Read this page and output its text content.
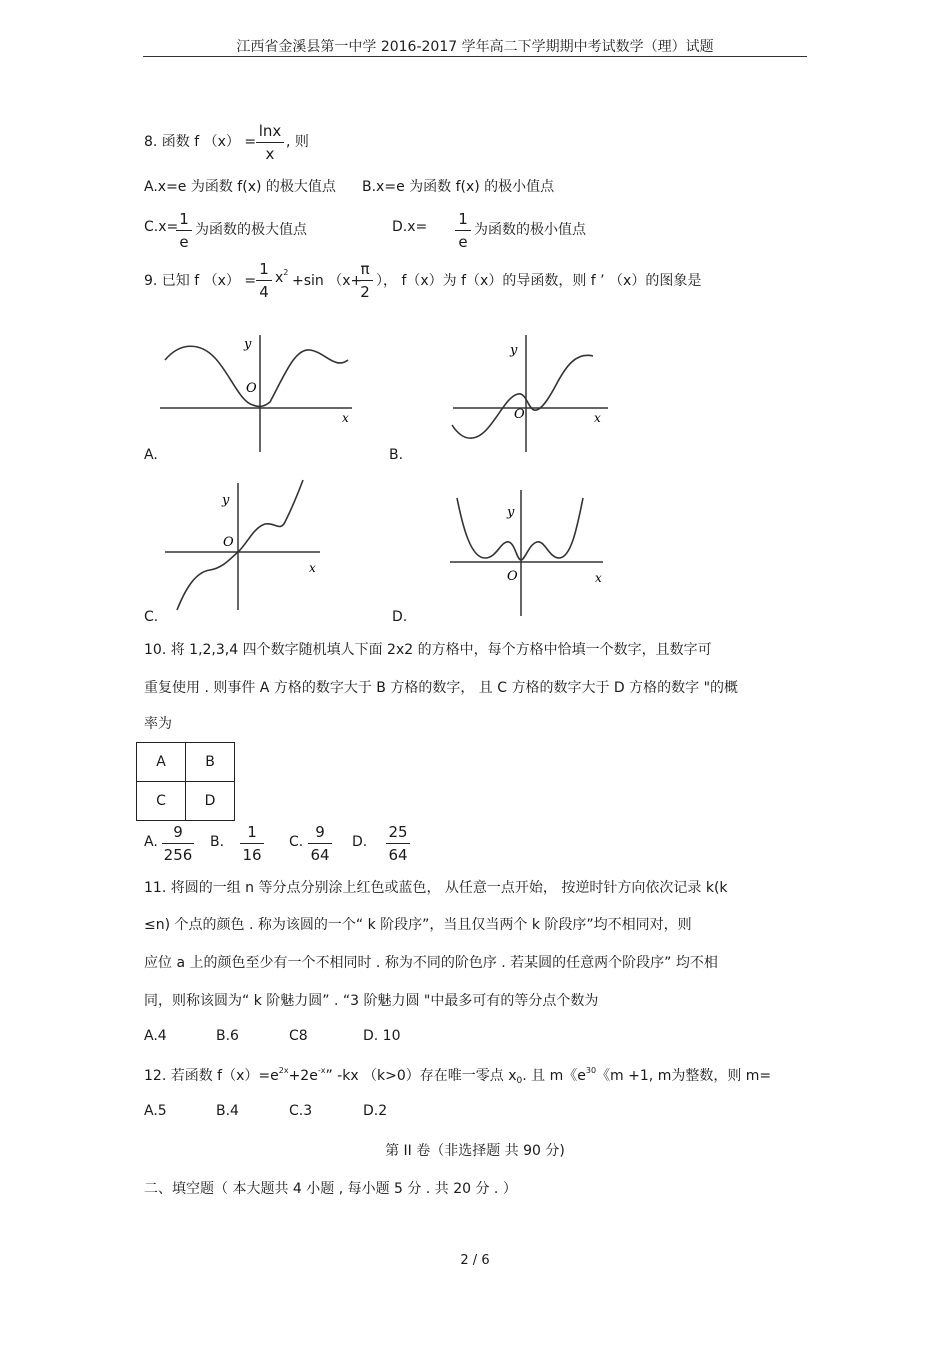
江西省金溪县第一中学 2016-2017 学年高二下学期期中考试数学（理）试题
8. 函数 f （x） =
lnx
x
, 则
A.x=e 为函数 f(x) 的极大值点 B.x=e 为函数 f(x) 的极小值点
C.x= 1
e
为函数的极大值点	D.x= 1
e
为函数的极小值点
9. 已知 f （x） =
1
4
$x^2$
+sin （x+
π
2
）， f（x）为 f（x）的导函数，则 f ’ （x）的图象是
y
x
O
A.
y
x
O
B.
y
x
O
C.
y
x
O
D.
10. 将 1,2,3,4 四个数字随机填人下面 2x2 的方格中，每个方格中恰填一个数字，且数字可
重复使用 . 则事件 A 方格的数字大于 B 方格的数字， 且 C 方格的数字大于 D 方格的数字 "的概
率为
A	B
C	D
A.
9
256
B.
1
16
C.
9
64
D.
25
64
11. 将圆的一组 n 等分点分别涂上红色或蓝色， 从任意一点开始， 按逆时针方向依次记录 k(k
≤n) 个点的颜色 . 称为该圆的一个“ k 阶段序”，当且仅当两个 k 阶段序”均不相同对，则
应位 a 上的颜色至少有一个不相同时 . 称为不同的阶色序 . 若某圆的任意两个阶段序” 均不相
同，则称该圆为“ k 阶魅力圆” . “3 阶魅力圆 "中最多可有的等分点个数为
A.4	B.6	C8	D. 10
12. 若函数 $f(x)=e^{2x}+2e^{-x}$” -kx （k>0）存在唯一零点 $x_0$. 且 m《$e^{30}$《m +1, m为整数，则 m=
A.5	B.4	C.3	D.2
第 II 卷（非选择题 共 90 分)
二、填空题（ 本大题共 4 小题 , 每小题 5 分 . 共 20 分 . ）
2 / 6
